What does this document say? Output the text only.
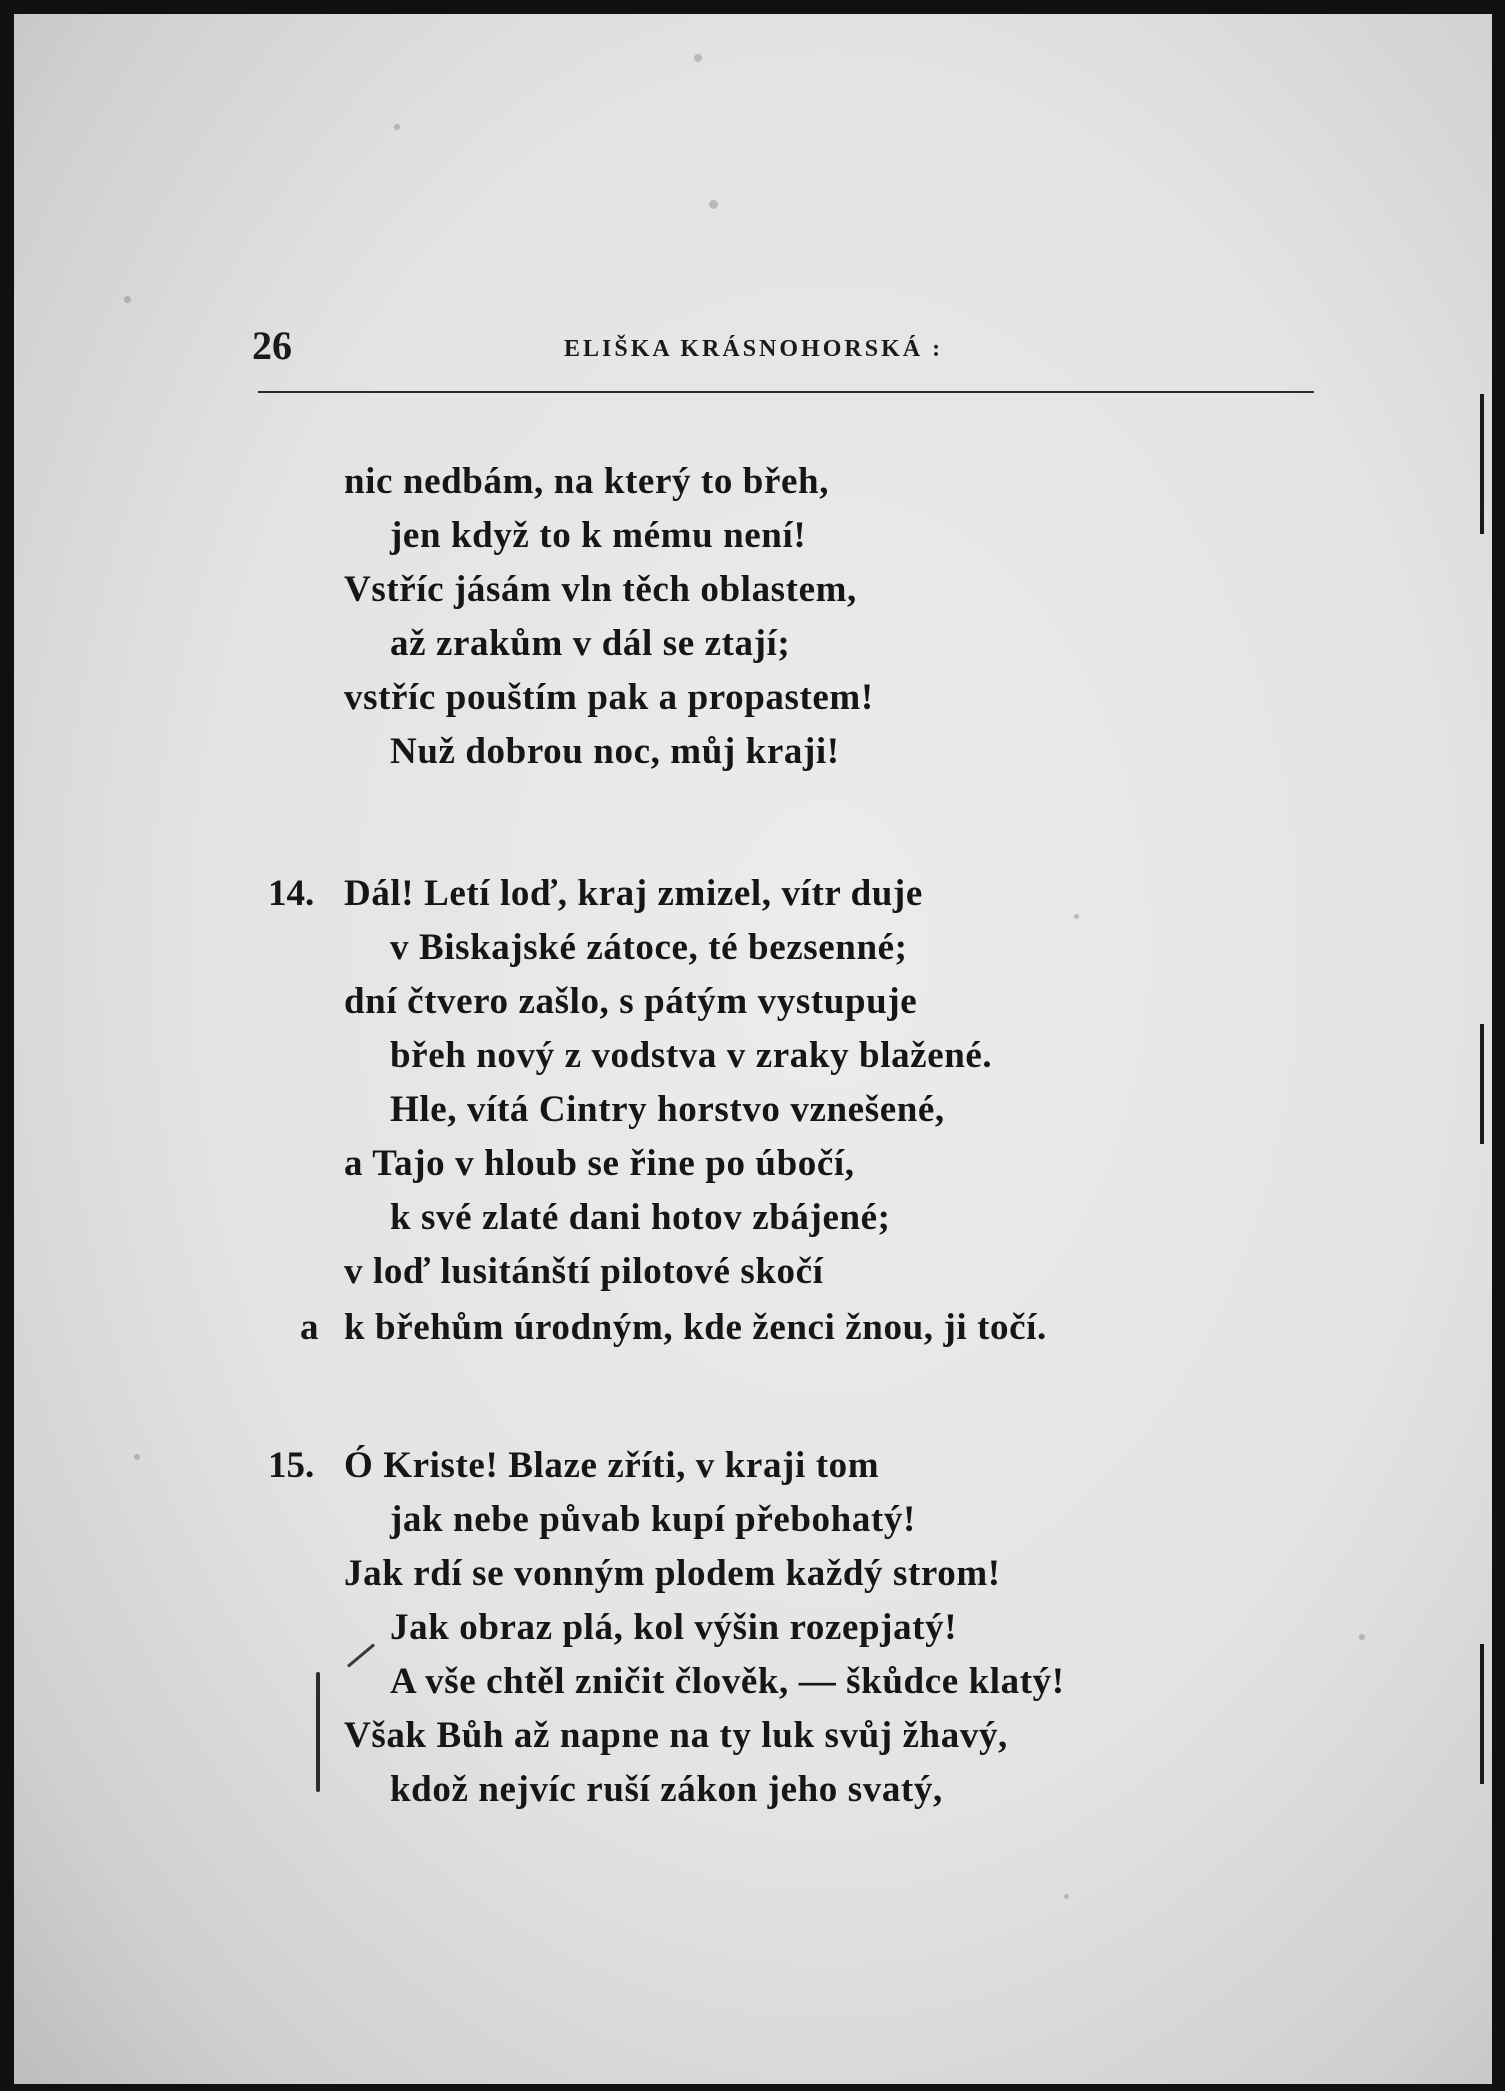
26	ELIŠKA KRÁSNOHORSKÁ :
nic nedbám, na který to břeh,
jen když to k mému není!
Vstříc jásám vln těch oblastem,
až zrakům v dál se ztají;
vstříc pouštím pak a propastem!
Nuž dobrou noc, můj kraji!
14. Dál! Letí loď, kraj zmizel, vítr duje
v Biskajské zátoce, té bezsenné;
dní čtvero zašlo, s pátým vystupuje
břeh nový z vodstva v zraky blažené.
Hle, vítá Cintry horstvo vznešené,
a Tajo v hloub se řine po úbočí,
k své zlaté dani hotov zbájené;
v loď lusitánští pilotové skočí
a k břehům úrodným, kde ženci žnou, ji točí.
15. Ó Kriste! Blaze zříti, v kraji tom
jak nebe půvab kupí přebohatý!
Jak rdí se vonným plodem každý strom!
Jak obraz plá, kol výšin rozepjatý!
A vše chtěl zničit člověk, — škůdce klatý!
Však Bůh až napne na ty luk svůj žhavý,
kdož nejvíc ruší zákon jeho svatý,
